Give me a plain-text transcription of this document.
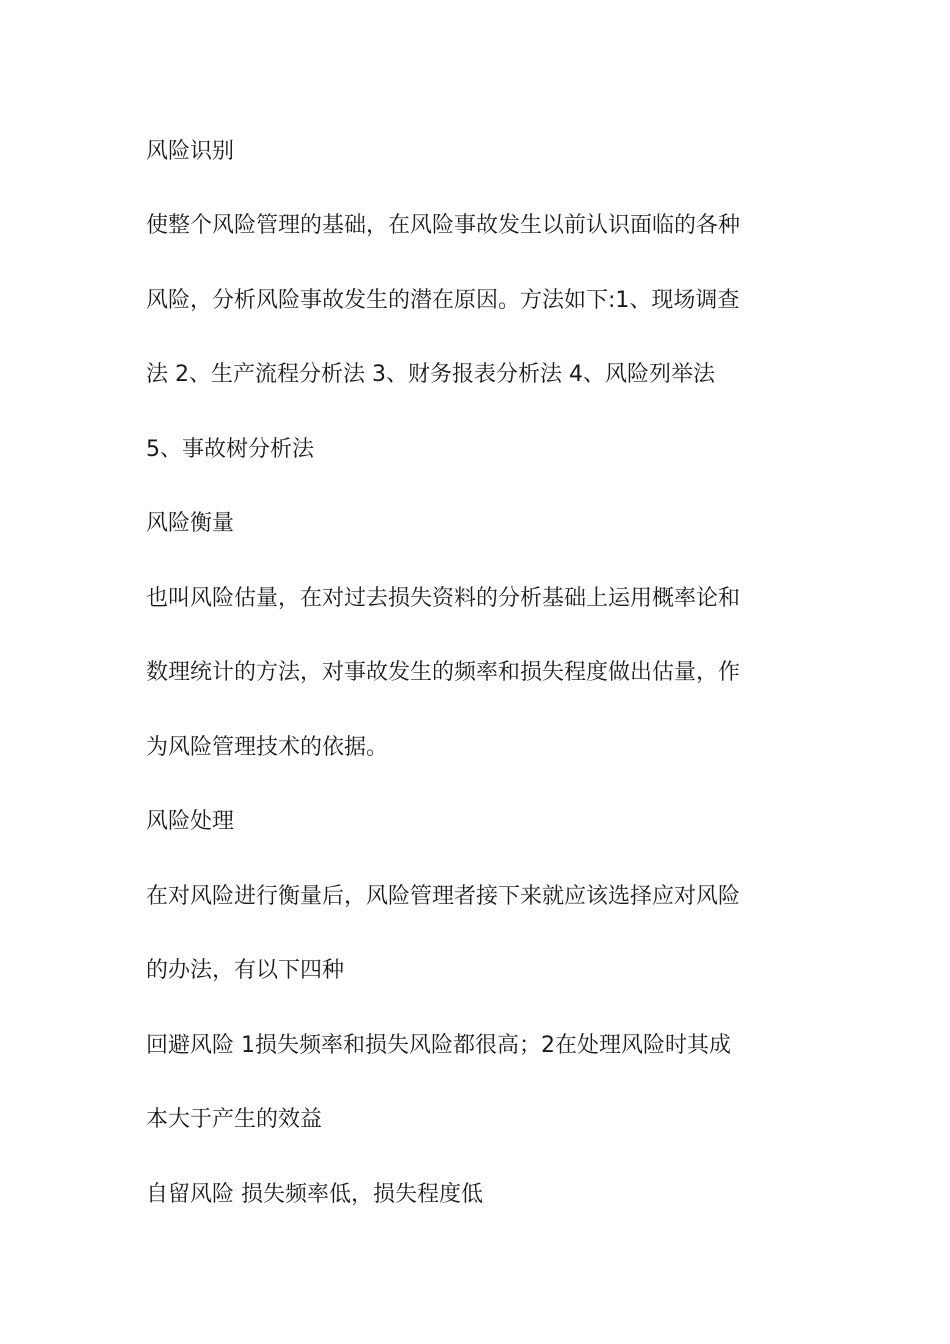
风险识别

使整个风险管理的基础，在风险事故发生以前认识面临的各种

风险，分析风险事故发生的潜在原因。方法如下:1、现场调查

法 2、生产流程分析法 3、财务报表分析法 4、风险列举法

5、事故树分析法

风险衡量

也叫风险估量，在对过去损失资料的分析基础上运用概率论和

数理统计的方法，对事故发生的频率和损失程度做出估量，作

为风险管理技术的依据。

风险处理

在对风险进行衡量后，风险管理者接下来就应该选择应对风险

的办法，有以下四种

回避风险 1损失频率和损失风险都很高；2在处理风险时其成

本大于产生的效益

自留风险 损失频率低，损失程度低
